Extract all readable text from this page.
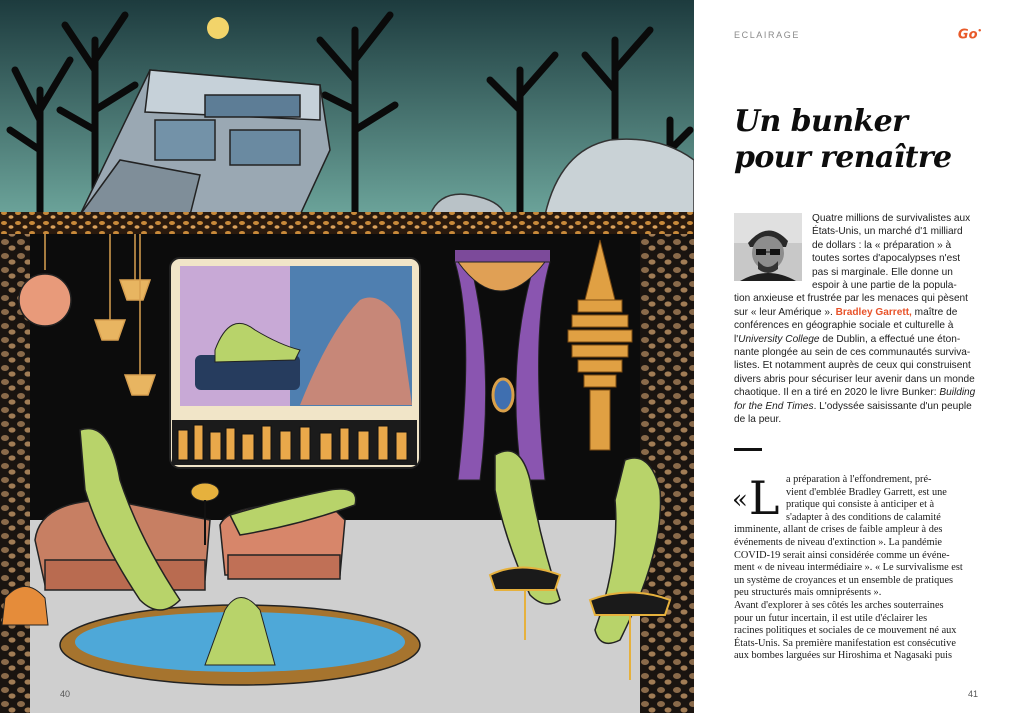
40
ECLAIRAGE	Go•
Un bunker
pour renaître
Quatre millions de survivalistes aux
États-Unis, un marché d'1 milliard
de dollars : la « préparation » à
toutes sortes d'apocalypses n'est
pas si marginale. Elle donne un
espoir à une partie de la popula-
tion anxieuse et frustrée par les menaces qui pèsent
sur « leur Amérique ». Bradley Garrett, maître de
conférences en géographie sociale et culturelle à
l'University College de Dublin, a effectué une éton-
nante plongée au sein de ces communautés surviva-
listes. Et notamment auprès de ceux qui construisent
divers abris pour sécuriser leur avenir dans un monde
chaotique. Il en a tiré en 2020 le livre Bunker: Building
for the End Times. L'odyssée saisissante d'un peuple
de la peur.
«L a préparation à l'effondrement, pré-
vient d'emblée Bradley Garrett, est une
pratique qui consiste à anticiper et à
s'adapter à des conditions de calamité
imminente, allant de crises de faible ampleur à des
événements de niveau d'extinction ». La pandémie
COVID-19 serait ainsi considérée comme un événe-
ment « de niveau intermédiaire ». « Le survivalisme est
un système de croyances et un ensemble de pratiques
peu structurés mais omniprésents ».
Avant d'explorer à ses côtés les arches souterraines
pour un futur incertain, il est utile d'éclairer les
racines politiques et sociales de ce mouvement né aux
États-Unis. Sa première manifestation est consécutive
aux bombes larguées sur Hiroshima et Nagasaki puis
41
